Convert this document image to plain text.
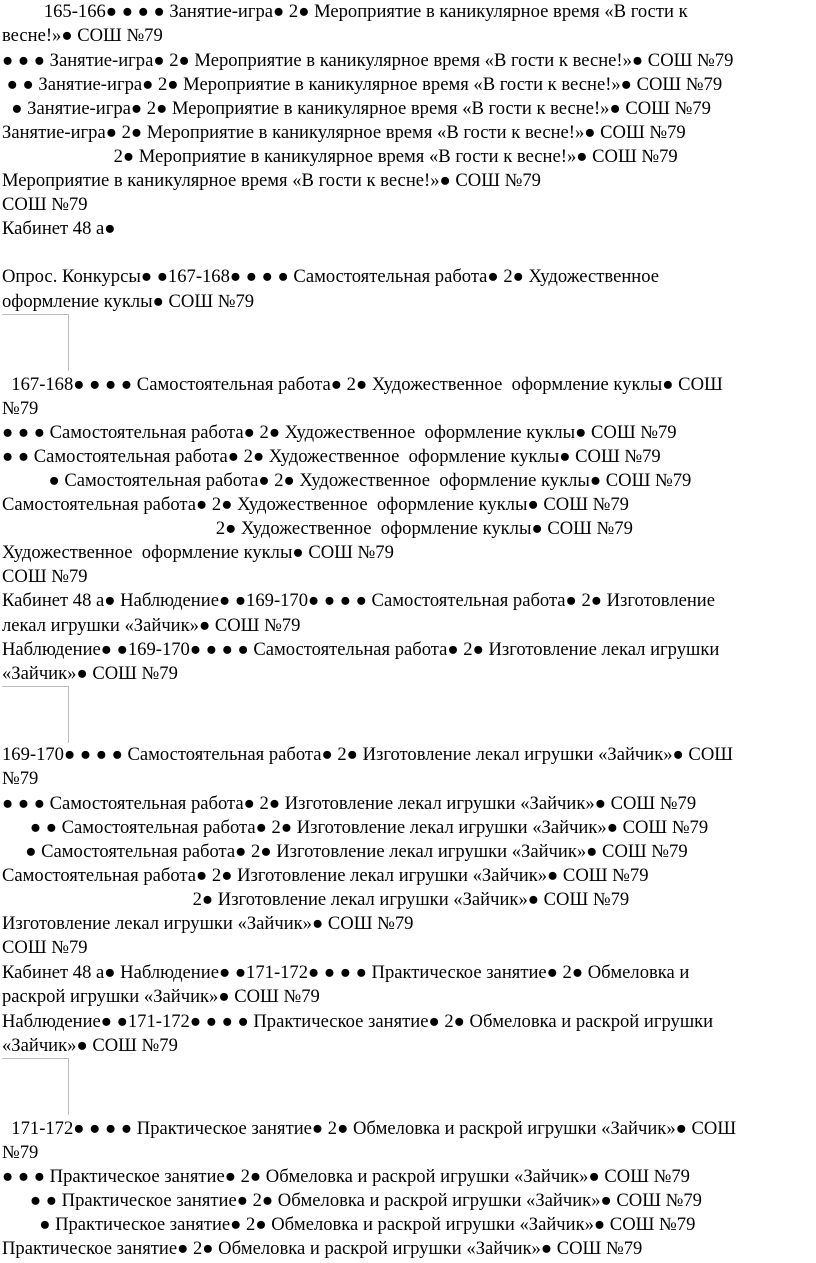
165-166● ● ● ● Занятие-игра● 2● Мероприятие в каникулярное время «В гости к
весне!»● СОШ №79
● ● ● Занятие-игра● 2● Мероприятие в каникулярное время «В гости к весне!»● СОШ №79
● ● Занятие-игра● 2● Мероприятие в каникулярное время «В гости к весне!»● СОШ №79
● Занятие-игра● 2● Мероприятие в каникулярное время «В гости к весне!»● СОШ №79
Занятие-игра● 2● Мероприятие в каникулярное время «В гости к весне!»● СОШ №79
2● Мероприятие в каникулярное время «В гости к весне!»● СОШ №79
Мероприятие в каникулярное время «В гости к весне!»● СОШ №79
СОШ №79
Кабинет 48 а●
Опрос. Конкурсы● ●167-168● ● ● ● Самостоятельная работа● 2● Художественное
оформление куклы● СОШ №79
167-168● ● ● ● Самостоятельная работа● 2● Художественное  оформление куклы● СОШ
№79
● ● ● Самостоятельная работа● 2● Художественное  оформление куклы● СОШ №79
● ● Самостоятельная работа● 2● Художественное  оформление куклы● СОШ №79
● Самостоятельная работа● 2● Художественное  оформление куклы● СОШ №79
Самостоятельная работа● 2● Художественное  оформление куклы● СОШ №79
2● Художественное  оформление куклы● СОШ №79
Художественное  оформление куклы● СОШ №79
СОШ №79
Кабинет 48 а● Наблюдение● ●169-170● ● ● ● Самостоятельная работа● 2● Изготовление
лекал игрушки «Зайчик»● СОШ №79
Наблюдение● ●169-170● ● ● ● Самостоятельная работа● 2● Изготовление лекал игрушки
«Зайчик»● СОШ №79
169-170● ● ● ● Самостоятельная работа● 2● Изготовление лекал игрушки «Зайчик»● СОШ
№79
● ● ● Самостоятельная работа● 2● Изготовление лекал игрушки «Зайчик»● СОШ №79
● ● Самостоятельная работа● 2● Изготовление лекал игрушки «Зайчик»● СОШ №79
● Самостоятельная работа● 2● Изготовление лекал игрушки «Зайчик»● СОШ №79
Самостоятельная работа● 2● Изготовление лекал игрушки «Зайчик»● СОШ №79
2● Изготовление лекал игрушки «Зайчик»● СОШ №79
Изготовление лекал игрушки «Зайчик»● СОШ №79
СОШ №79
Кабинет 48 а● Наблюдение● ●171-172● ● ● ● Практическое занятие● 2● Обмеловка и
раскрой игрушки «Зайчик»● СОШ №79
Наблюдение● ●171-172● ● ● ● Практическое занятие● 2● Обмеловка и раскрой игрушки
«Зайчик»● СОШ №79
171-172● ● ● ● Практическое занятие● 2● Обмеловка и раскрой игрушки «Зайчик»● СОШ
№79
● ● ● Практическое занятие● 2● Обмеловка и раскрой игрушки «Зайчик»● СОШ №79
● ● Практическое занятие● 2● Обмеловка и раскрой игрушки «Зайчик»● СОШ №79
● Практическое занятие● 2● Обмеловка и раскрой игрушки «Зайчик»● СОШ №79
Практическое занятие● 2● Обмеловка и раскрой игрушки «Зайчик»● СОШ №79
